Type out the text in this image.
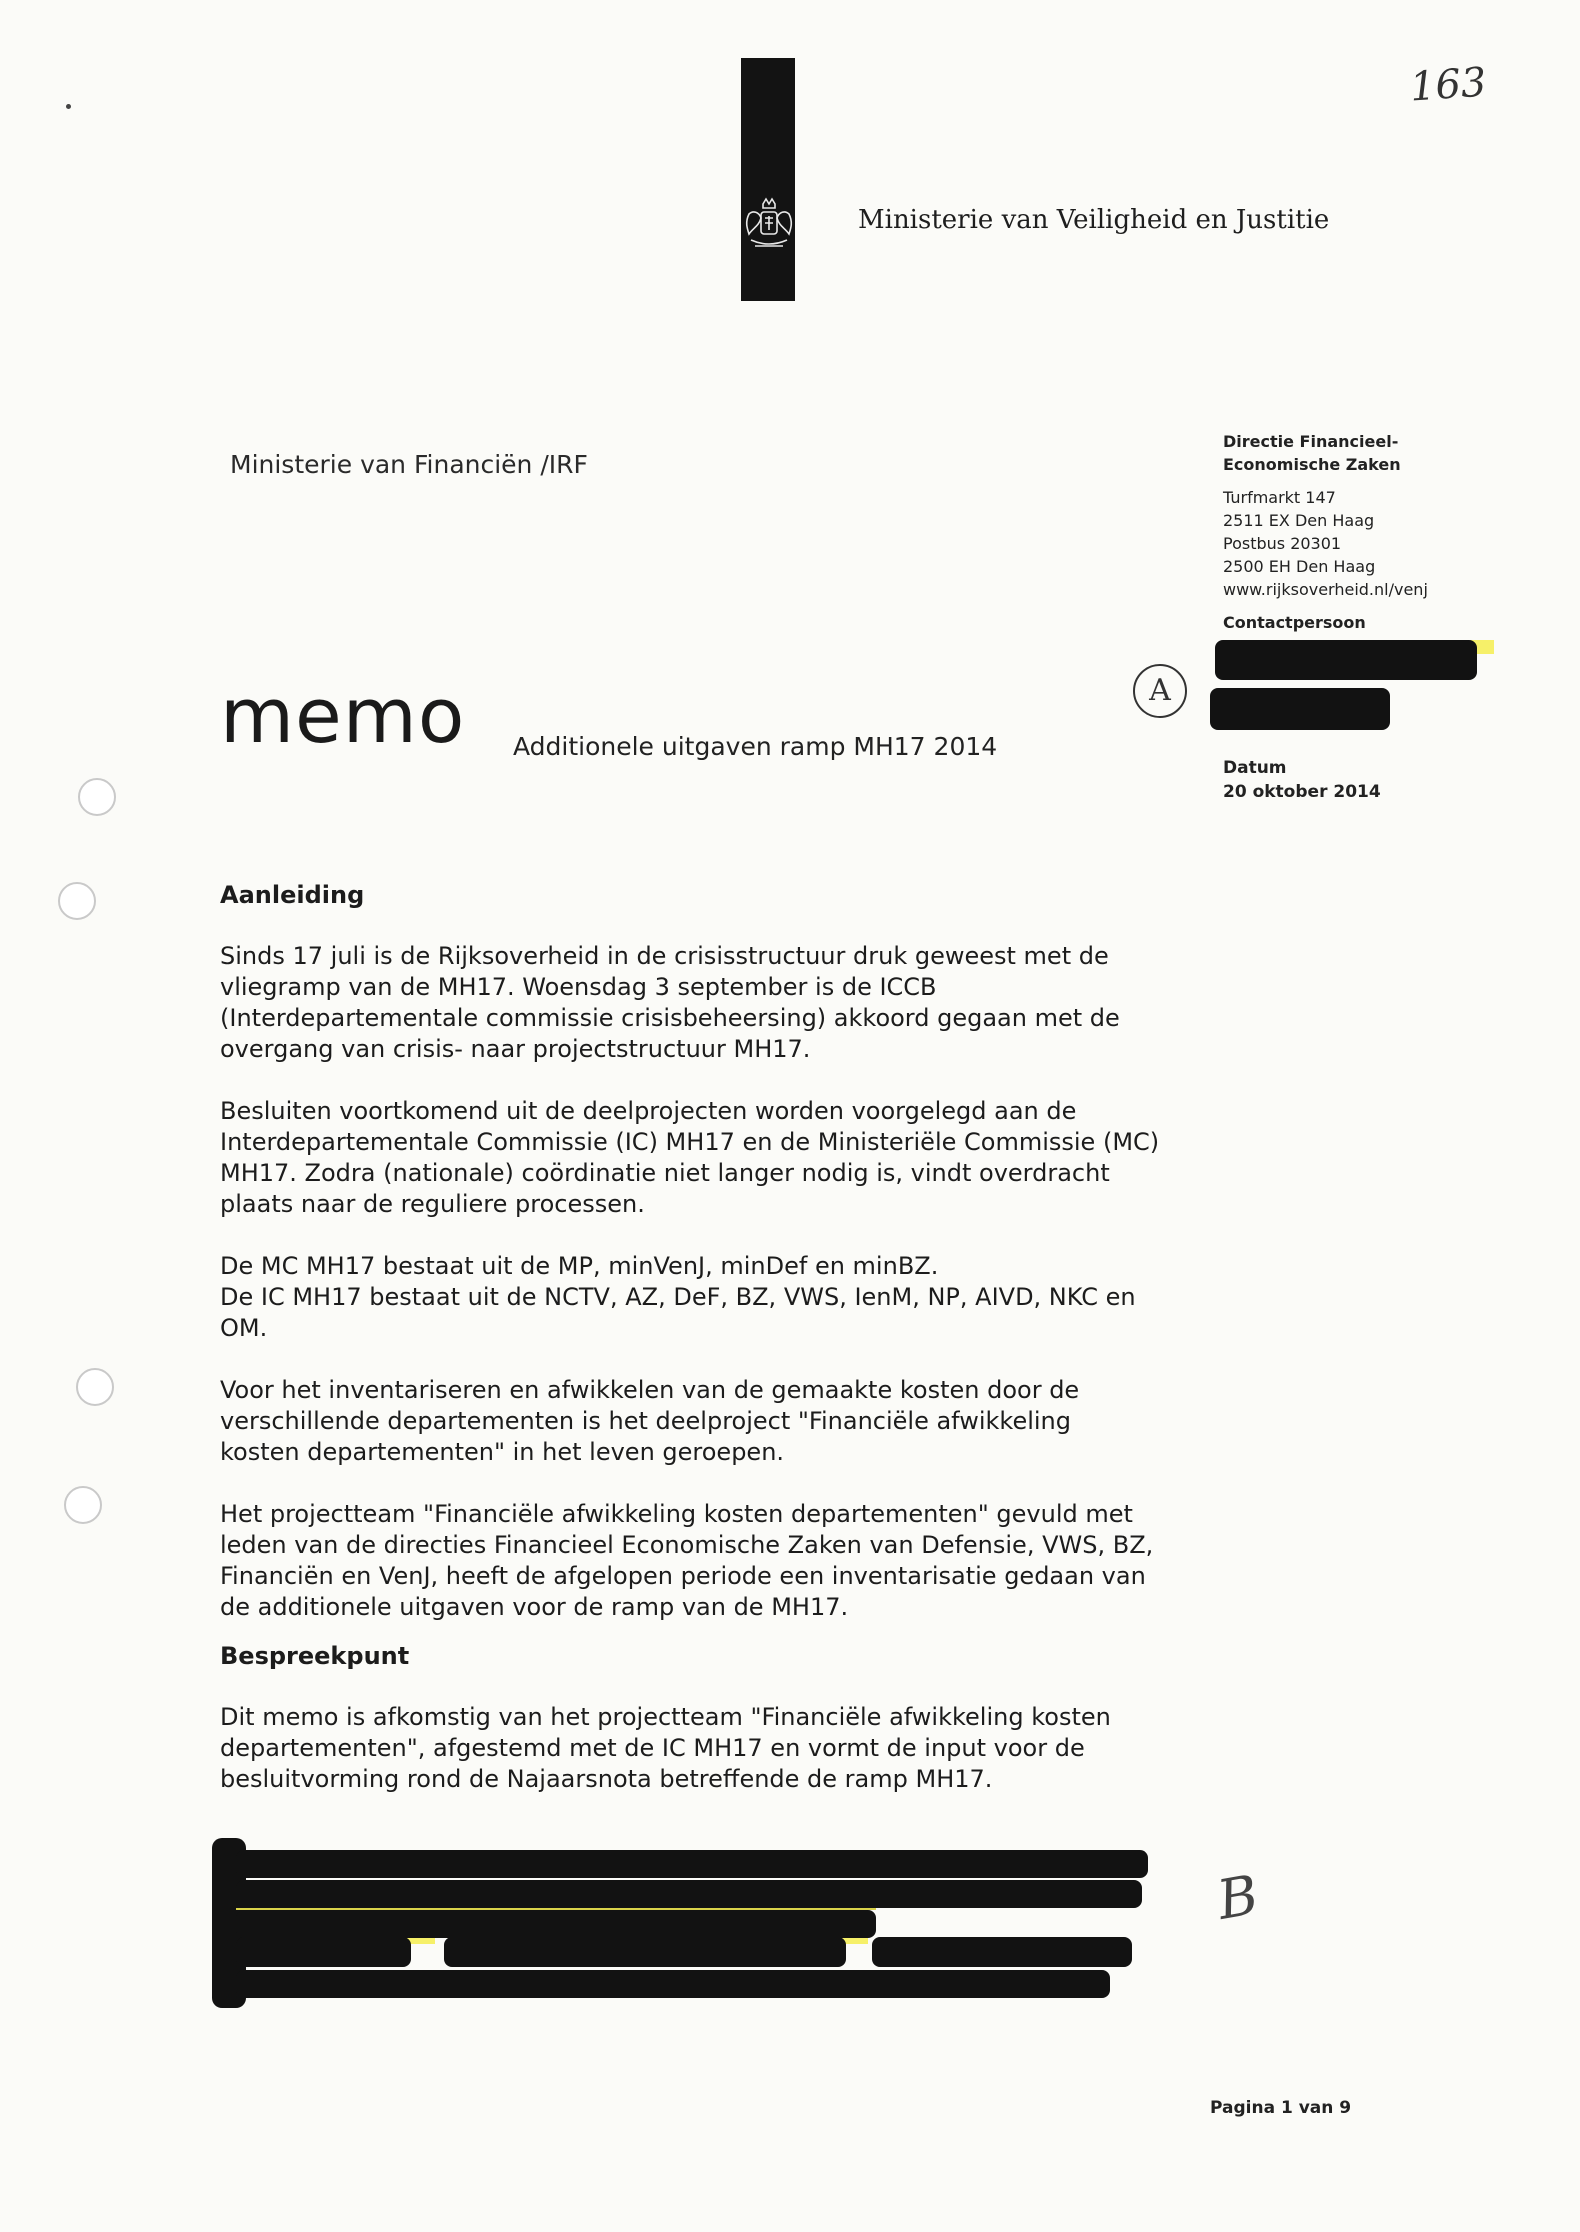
163
Ministerie van Veiligheid en Justitie
Ministerie van Financiën /IRF
Directie Financieel-
Economische Zaken
Turfmarkt 147
2511 EX Den Haag
Postbus 20301
2500 EH Den Haag
www.rijksoverheid.nl/venj
Contactpersoon
A
Datum
20 oktober 2014
memo Additionele uitgaven ramp MH17 2014

Aanleiding

Sinds 17 juli is de Rijksoverheid in de crisisstructuur druk geweest met de vliegramp van de MH17. Woensdag 3 september is de ICCB (Interdepartementale commissie crisisbeheersing) akkoord gegaan met de overgang van crisis- naar projectstructuur MH17.

Besluiten voortkomend uit de deelprojecten worden voorgelegd aan de Interdepartementale Commissie (IC) MH17 en de Ministeriële Commissie (MC) MH17. Zodra (nationale) coördinatie niet langer nodig is, vindt overdracht plaats naar de reguliere processen.

De MC MH17 bestaat uit de MP, minVenJ, minDef en minBZ.

De IC MH17 bestaat uit de NCTV, AZ, DeF, BZ, VWS, IenM, NP, AIVD, NKC en OM.

Voor het inventariseren en afwikkelen van de gemaakte kosten door de verschillende departementen is het deelproject "Financiële afwikkeling kosten departementen" in het leven geroepen.

Het projectteam "Financiële afwikkeling kosten departementen" gevuld met leden van de directies Financieel Economische Zaken van Defensie, VWS, BZ, Financiën en VenJ, heeft de afgelopen periode een inventarisatie gedaan van de additionele uitgaven voor de ramp van de MH17.

Bespreekpunt

Dit memo is afkomstig van het projectteam "Financiële afwikkeling kosten departementen", afgestemd met de IC MH17 en vormt de input voor de besluitvorming rond de Najaarsnota betreffende de ramp MH17.

B
Pagina 1 van 9
